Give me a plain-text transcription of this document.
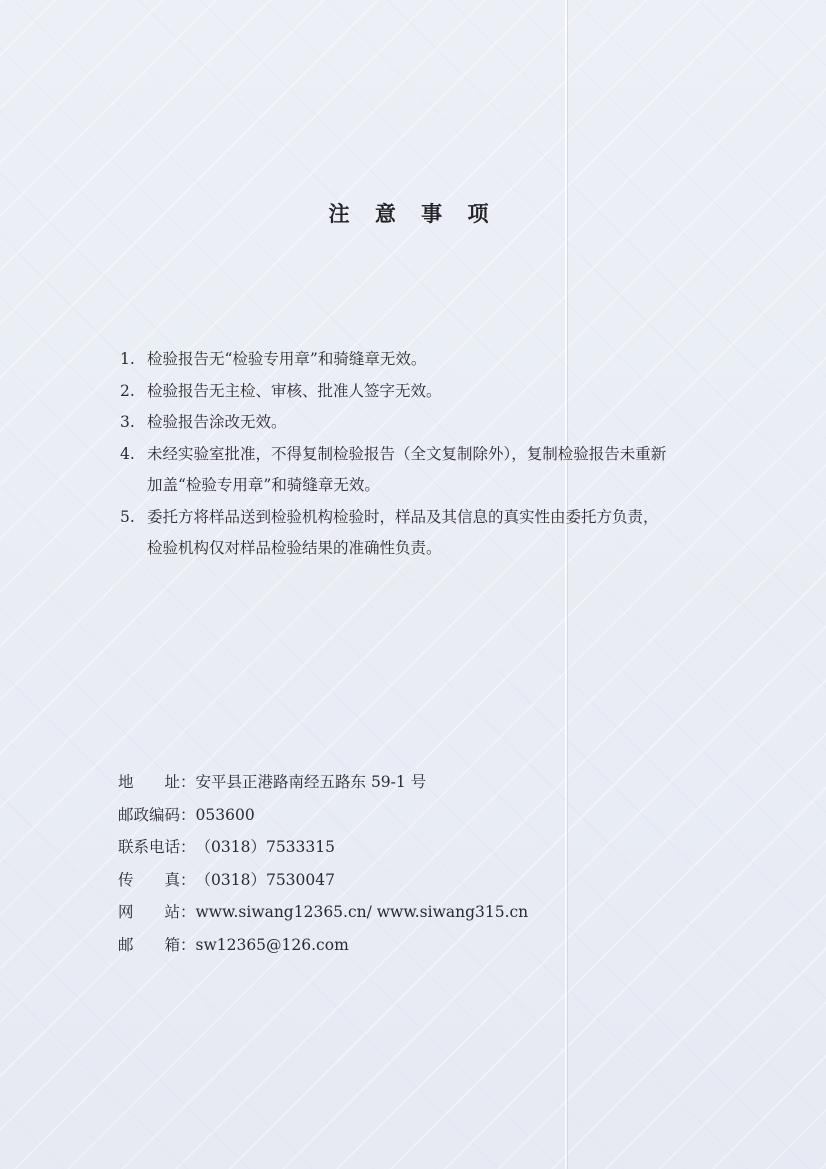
注 意 事 项
1. 检验报告无“检验专用章”和骑缝章无效。
2. 检验报告无主检、审核、批准人签字无效。
3. 检验报告涂改无效。
4. 未经实验室批准，不得复制检验报告（全文复制除外），复制检验报告未重新
加盖“检验专用章”和骑缝章无效。
5. 委托方将样品送到检验机构检验时，样品及其信息的真实性由委托方负责，
检验机构仅对样品检验结果的准确性负责。
地 址 ： 安平县正港路南经五路东 59-1 号
邮政编码 ： 053600
联系电话 ： （0318）7533315
传 真 ： （0318）7530047
网 站 ： www.siwang12365.cn/ www.siwang315.cn
邮 箱 ： sw12365@126.com
